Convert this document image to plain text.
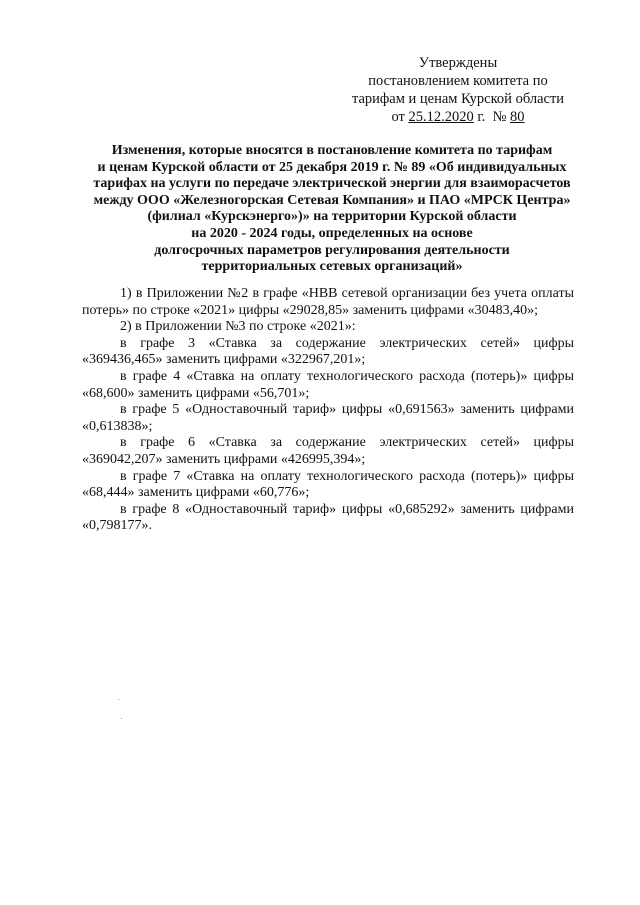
Утверждены
постановлением комитета по
тарифам и ценам Курской области
от 25.12.2020 г. № 80
Изменения, которые вносятся в постановление комитета по тарифам
и ценам Курской области от 25 декабря 2019 г. № 89 «Об индивидуальных
тарифах на услуги по передаче электрической энергии для взаиморасчетов
между ООО «Железногорская Сетевая Компания» и ПАО «МРСК Центра»
(филиал «Курскэнерго»)» на территории Курской области
на 2020 - 2024 годы, определенных на основе
долгосрочных параметров регулирования деятельности
территориальных сетевых организаций»

1) в Приложении №2 в графе «НВВ сетевой организации без учета оплаты потерь» по строке «2021» цифры «29028,85» заменить цифрами «30483,40»;

2) в Приложении №3 по строке «2021»:

в графе 3 «Ставка за содержание электрических сетей» цифры «369436,465» заменить цифрами «322967,201»;

в графе 4 «Ставка на оплату технологического расхода (потерь)» цифры «68,600» заменить цифрами «56,701»;

в графе 5 «Одноставочный тариф» цифры «0,691563» заменить цифрами «0,613838»;

в графе 6 «Ставка за содержание электрических сетей» цифры «369042,207» заменить цифрами «426995,394»;

в графе 7 «Ставка на оплату технологического расхода (потерь)» цифры «68,444» заменить цифрами «60,776»;

в графе 8 «Одноставочный тариф» цифры «0,685292» заменить цифрами «0,798177».
